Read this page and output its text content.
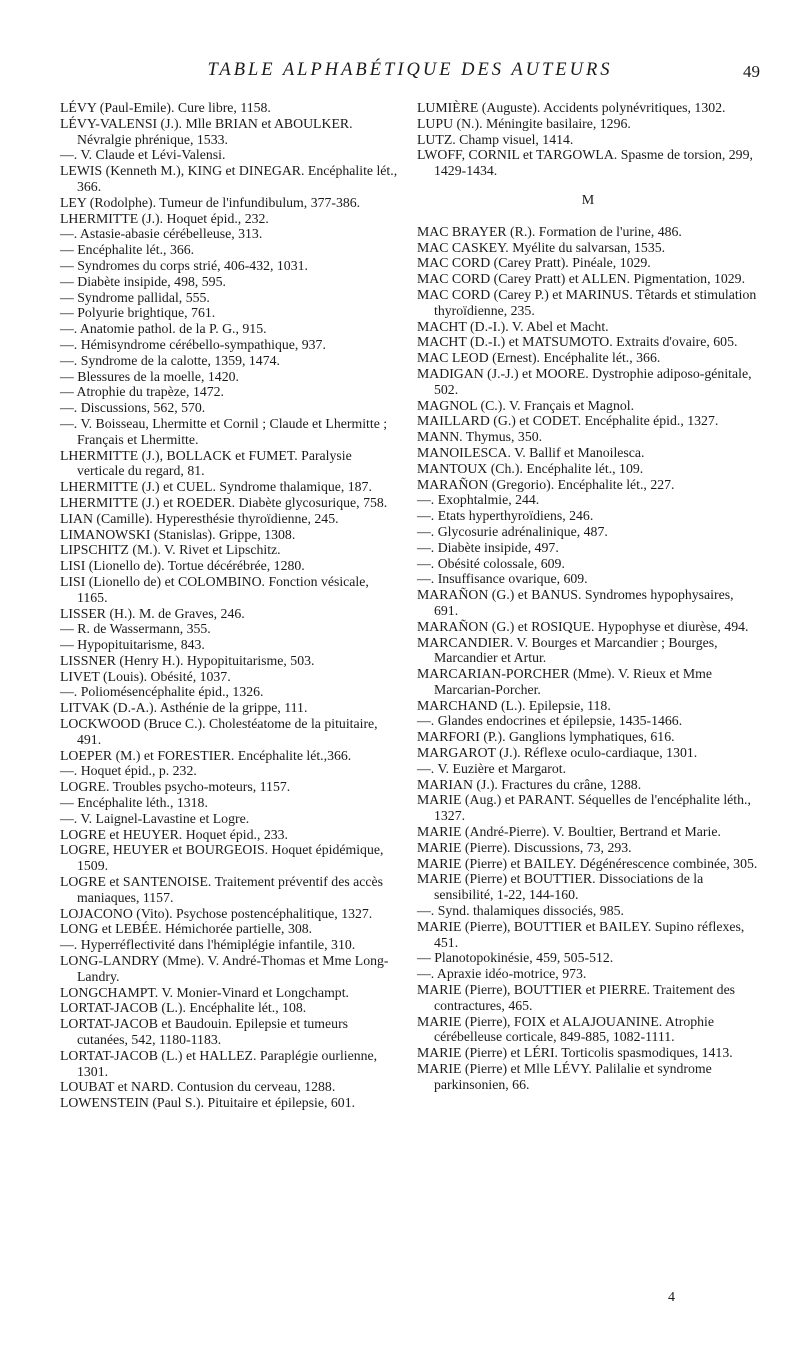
TABLE ALPHABÉTIQUE DES AUTEURS	49

LÉVY (Paul-Emile). Cure libre, 1158.

LÉVY-VALENSI (J.). Mlle BRIAN et ABOULKER. Névralgie phrénique, 1533.

—. V. Claude et Lévi-Valensi.

LEWIS (Kenneth M.), KING et DINEGAR. Encéphalite lét., 366.

LEY (Rodolphe). Tumeur de l'infundibulum, 377-386.

LHERMITTE (J.). Hoquet épid., 232.

—. Astasie-abasie cérébelleuse, 313.

— Encéphalite lét., 366.

— Syndromes du corps strié, 406-432, 1031.

— Diabète insipide, 498, 595.

— Syndrome pallidal, 555.

— Polyurie brightique, 761.

—. Anatomie pathol. de la P. G., 915.

—. Hémisyndrome cérébello-sympathique, 937.

—. Syndrome de la calotte, 1359, 1474.

— Blessures de la moelle, 1420.

— Atrophie du trapèze, 1472.

—. Discussions, 562, 570.

—. V. Boisseau, Lhermitte et Cornil ; Claude et Lhermitte ; Français et Lhermitte.

LHERMITTE (J.), BOLLACK et FUMET. Paralysie verticale du regard, 81.

LHERMITTE (J.) et CUEL. Syndrome thalamique, 187.

LHERMITTE (J.) et ROEDER. Diabète glycosurique, 758.

LIAN (Camille). Hyperesthésie thyroïdienne, 245.

LIMANOWSKI (Stanislas). Grippe, 1308.

LIPSCHITZ (M.). V. Rivet et Lipschitz.

LISI (Lionello de). Tortue décérébrée, 1280.

LISI (Lionello de) et COLOMBINO. Fonction vésicale, 1165.

LISSER (H.). M. de Graves, 246.

— R. de Wassermann, 355.

— Hypopituitarisme, 843.

LISSNER (Henry H.). Hypopituitarisme, 503.

LIVET (Louis). Obésité, 1037.

—. Poliomésencéphalite épid., 1326.

LITVAK (D.-A.). Asthénie de la grippe, 111.

LOCKWOOD (Bruce C.). Cholestéatome de la pituitaire, 491.

LOEPER (M.) et FORESTIER. Encéphalite lét.,366.

—. Hoquet épid., p. 232.

LOGRE. Troubles psycho-moteurs, 1157.

— Encéphalite léth., 1318.

—. V. Laignel-Lavastine et Logre.

LOGRE et HEUYER. Hoquet épid., 233.

LOGRE, HEUYER et BOURGEOIS. Hoquet épidémique, 1509.

LOGRE et SANTENOISE. Traitement préventif des accès maniaques, 1157.

LOJACONO (Vito). Psychose postencéphalitique, 1327.

LONG et LEBÉE. Hémichorée partielle, 308.

—. Hyperréflectivité dans l'hémiplégie infantile, 310.

LONG-LANDRY (Mme). V. André-Thomas et Mme Long-Landry.

LONGCHAMPT. V. Monier-Vinard et Longchampt.

LORTAT-JACOB (L.). Encéphalite lét., 108.

LORTAT-JACOB et Baudouin. Epilepsie et tumeurs cutanées, 542, 1180-1183.

LORTAT-JACOB (L.) et HALLEZ. Paraplégie ourlienne, 1301.

LOUBAT et NARD. Contusion du cerveau, 1288.

LOWENSTEIN (Paul S.). Pituitaire et épilepsie, 601.

LUMIÈRE (Auguste). Accidents polynévritiques, 1302.

LUPU (N.). Méningite basilaire, 1296.

LUTZ. Champ visuel, 1414.

LWOFF, CORNIL et TARGOWLA. Spasme de torsion, 299, 1429-1434.

M

MAC BRAYER (R.). Formation de l'urine, 486.

MAC CASKEY. Myélite du salvarsan, 1535.

MAC CORD (Carey Pratt). Pinéale, 1029.

MAC CORD (Carey Pratt) et ALLEN. Pigmentation, 1029.

MAC CORD (Carey P.) et MARINUS. Têtards et stimulation thyroïdienne, 235.

MACHT (D.-I.). V. Abel et Macht.

MACHT (D.-I.) et MATSUMOTO. Extraits d'ovaire, 605.

MAC LEOD (Ernest). Encéphalite lét., 366.

MADIGAN (J.-J.) et MOORE. Dystrophie adiposo-génitale, 502.

MAGNOL (C.). V. Français et Magnol.

MAILLARD (G.) et CODET. Encéphalite épid., 1327.

MANN. Thymus, 350.

MANOILESCA. V. Ballif et Manoilesca.

MANTOUX (Ch.). Encéphalite lét., 109.

MARAÑON (Gregorio). Encéphalite lét., 227.

—. Exophtalmie, 244.

—. Etats hyperthyroïdiens, 246.

—. Glycosurie adrénalinique, 487.

—. Diabète insipide, 497.

—. Obésité colossale, 609.

—. Insuffisance ovarique, 609.

MARAÑON (G.) et BANUS. Syndromes hypophysaires, 691.

MARAÑON (G.) et ROSIQUE. Hypophyse et diurèse, 494.

MARCANDIER. V. Bourges et Marcandier ; Bourges, Marcandier et Artur.

MARCARIAN-PORCHER (Mme). V. Rieux et Mme Marcarian-Porcher.

MARCHAND (L.). Epilepsie, 118.

—. Glandes endocrines et épilepsie, 1435-1466.

MARFORI (P.). Ganglions lymphatiques, 616.

MARGAROT (J.). Réflexe oculo-cardiaque, 1301.

—. V. Euzière et Margarot.

MARIAN (J.). Fractures du crâne, 1288.

MARIE (Aug.) et PARANT. Séquelles de l'encéphalite léth., 1327.

MARIE (André-Pierre). V. Boultier, Bertrand et Marie.

MARIE (Pierre). Discussions, 73, 293.

MARIE (Pierre) et BAILEY. Dégénérescence combinée, 305.

MARIE (Pierre) et BOUTTIER. Dissociations de la sensibilité, 1-22, 144-160.

—. Synd. thalamiques dissociés, 985.

MARIE (Pierre), BOUTTIER et BAILEY. Supino réflexes, 451.

— Planotopokinésie, 459, 505-512.

—. Apraxie idéo-motrice, 973.

MARIE (Pierre), BOUTTIER et PIERRE. Traitement des contractures, 465.

MARIE (Pierre), FOIX et ALAJOUANINE. Atrophie cérébelleuse corticale, 849-885, 1082-1111.

MARIE (Pierre) et LÉRI. Torticolis spasmodiques, 1413.

MARIE (Pierre) et Mlle LÉVY. Palilalie et syndrome parkinsonien, 66.

4
